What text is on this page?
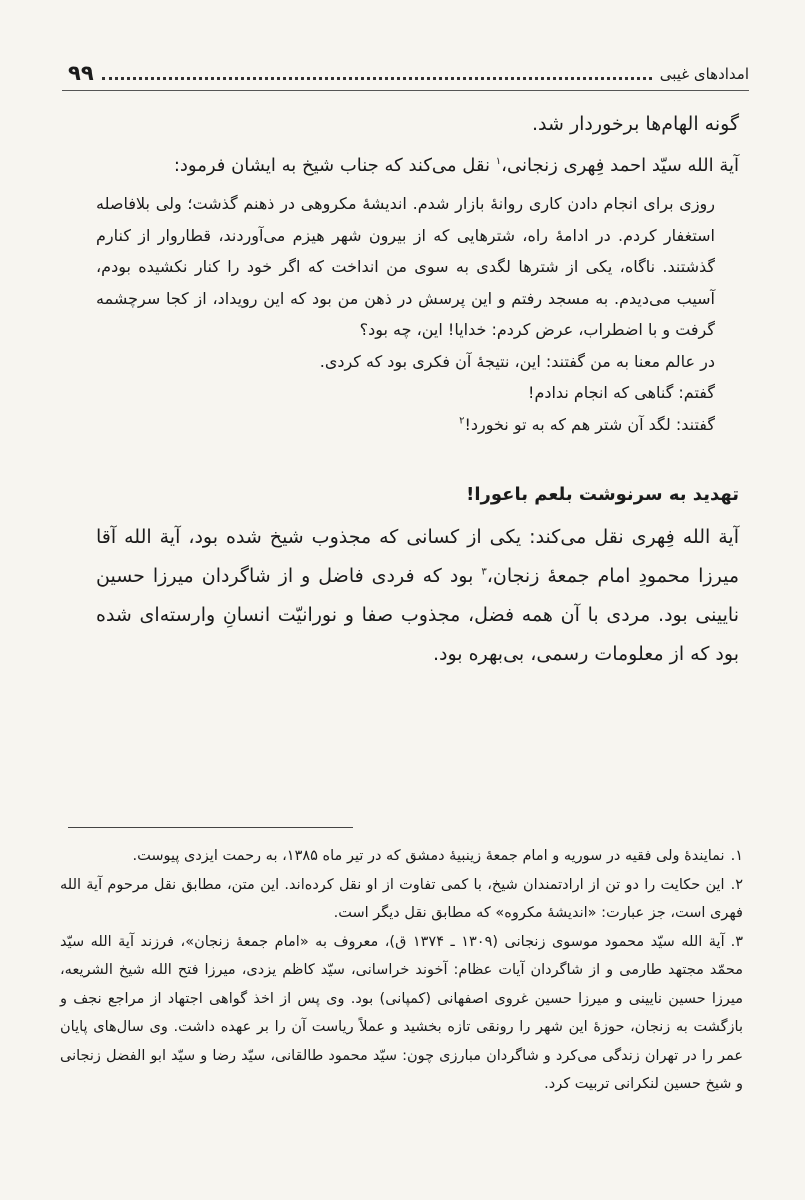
۹۹	امدادهای غیبی

گونه الهام‌ها برخوردار شد.

آیة الله سیّد احمد فِهری زنجانی،$^۱$ نقل می‌کند که جناب شیخ به ایشان فرمود:

روزی برای انجام دادن کاری روانهٔ بازار شدم. اندیشهٔ مکروهی در ذهنم گذشت؛ ولی بلافاصله استغفار کردم. در ادامهٔ راه، شترهایی که از بیرون شهر هیزم می‌آوردند، قطاروار از کنارم گذشتند. ناگاه، یکی از شترها لگدی به سوی من انداخت که اگر خود را کنار نکشیده بودم، آسیب می‌دیدم. به مسجد رفتم و این پرسش در ذهن من بود که این رویداد، از کجا سرچشمه گرفت و با اضطراب، عرض کردم: خدایا! این، چه بود؟

در عالم معنا به من گفتند: این، نتیجهٔ آن فکری بود که کردی.

گفتم: گناهی که انجام ندادم!

گفتند: لگد آن شتر هم که به تو نخورد!$^۲$

تهدید به سرنوشت بلعم باعورا!

آیة الله فِهری نقل می‌کند: یکی از کسانی که مجذوب شیخ شده بود، آیة الله آقا میرزا محمودِ امام جمعهٔ زنجان،$^۳$ بود که فردی فاضل و از شاگردان میرزا حسین نایینی بود. مردی با آن همه فضل، مجذوب صفا و نورانیّت انسانِ وارسته‌ای شده بود که از معلومات رسمی، بی‌بهره بود.

۱.نمایندهٔ ولی فقیه در سوریه و امام جمعهٔ زینبیهٔ دمشق که در تیر ماه ۱۳۸۵، به رحمت ایزدی پیوست.

۲.این حکایت را دو تن از ارادتمندان شیخ، با کمی تفاوت از او نقل کرده‌اند. این متن، مطابق نقل مرحوم آیة الله فهری است، جز عبارت: «اندیشهٔ مکروه» که مطابق نقل دیگر است.

۳.آیة الله سیّد محمود موسوی زنجانی (۱۳۰۹ ـ ۱۳۷۴ ق)، معروف به «امام جمعهٔ زنجان»، فرزند آیة الله سیّد محمّد مجتهد طارمی و از شاگردان آیات عظام: آخوند خراسانی، سیّد کاظم یزدی، میرزا فتح الله شیخ الشریعه، میرزا حسین نایینی و میرزا حسین غروی اصفهانی (کمپانی) بود. وی پس از اخذ گواهی اجتهاد از مراجع نجف و بازگشت به زنجان، حوزهٔ این شهر را رونقی تازه بخشید و عملاً ریاست آن را بر عهده داشت. وی سال‌های پایان عمر را در تهران زندگی می‌کرد و شاگردان مبارزی چون: سیّد محمود طالقانی، سیّد رضا و سیّد ابو الفضل زنجانی و شیخ حسین لنکرانی تربیت کرد.
